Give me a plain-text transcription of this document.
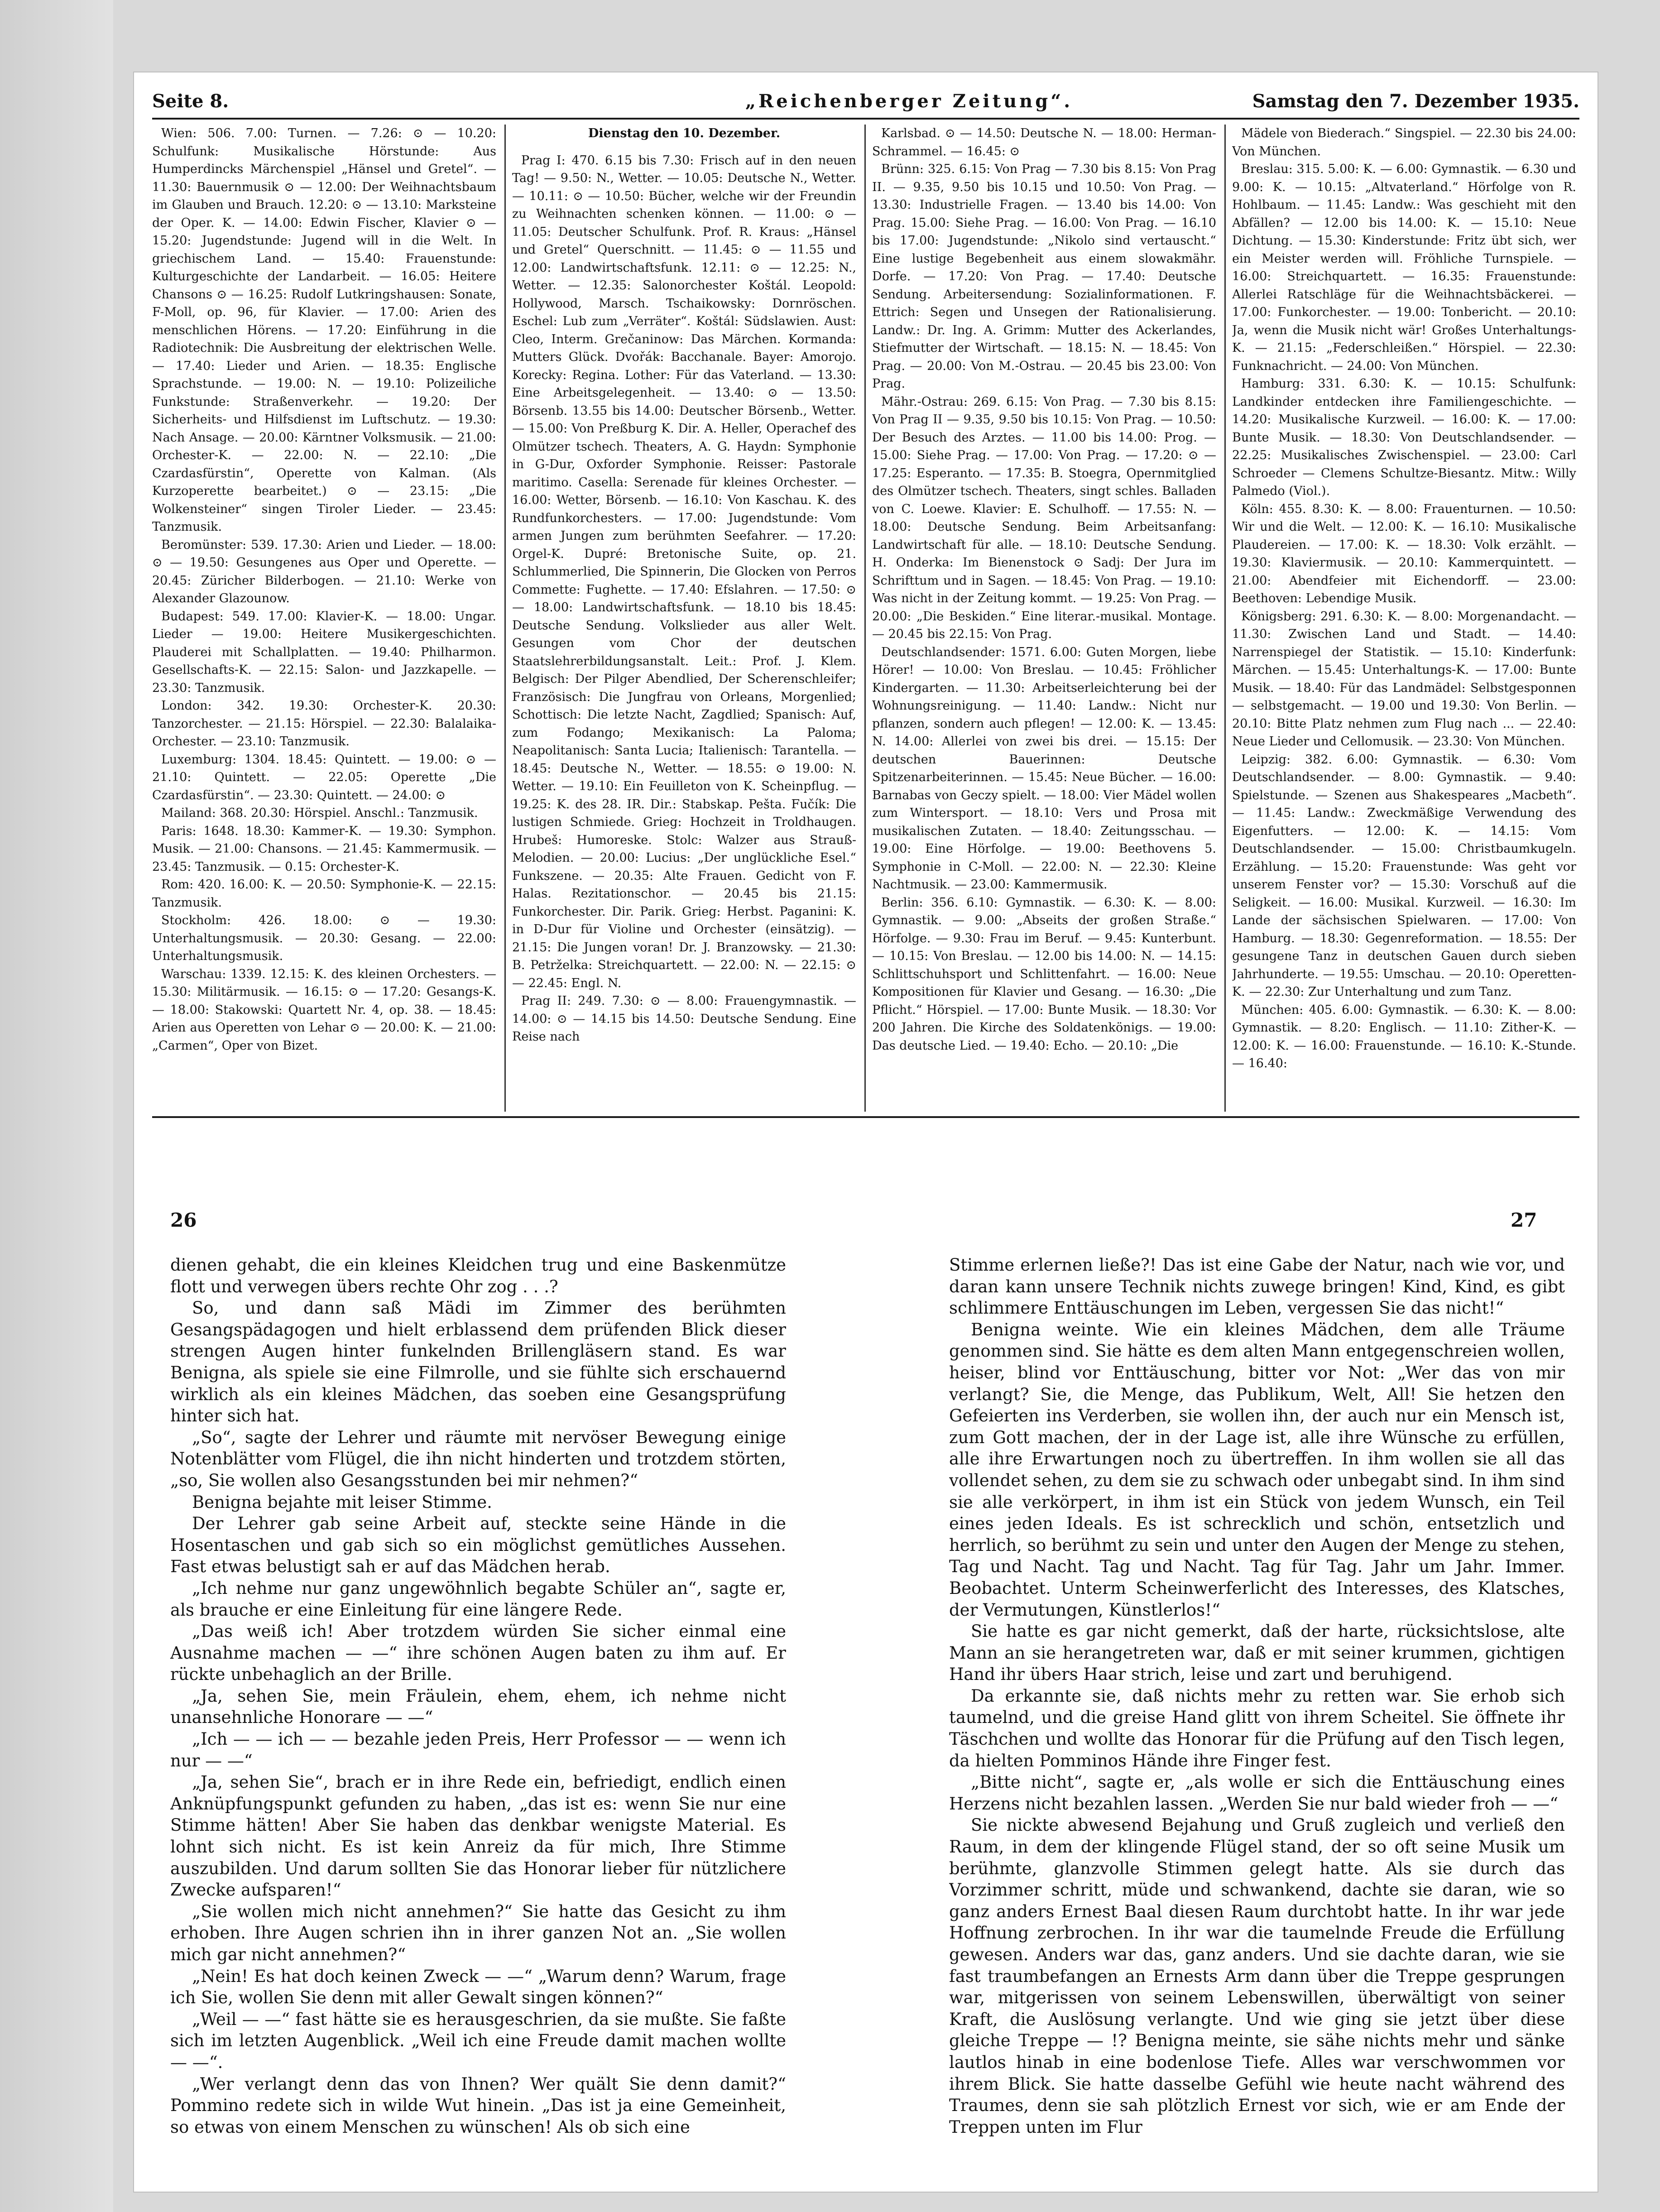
Seite 8.	„Reichenberger Zeitung“.	Samstag den 7. Dezember 1935.

Wien: 506. 7.00: Turnen. — 7.26: ⊙ — 10.20: Schulfunk: Musikalische Hörstunde: Aus Humperdincks Märchenspiel „Hänsel und Gretel“. — 11.30: Bauernmusik ⊙ — 12.00: Der Weihnachtsbaum im Glauben und Brauch. 12.20: ⊙ — 13.10: Marksteine der Oper. K. — 14.00: Edwin Fischer, Klavier ⊙ — 15.20: Jugendstunde: Jugend will in die Welt. In griechischem Land. — 15.40: Frauenstunde: Kulturgeschichte der Landarbeit. — 16.05: Heitere Chansons ⊙ — 16.25: Rudolf Lutkringshausen: Sonate, F-Moll, op. 96, für Klavier. — 17.00: Arien des menschlichen Hörens. — 17.20: Einführung in die Radiotechnik: Die Ausbreitung der elektrischen Welle. — 17.40: Lieder und Arien. — 18.35: Englische Sprachstunde. — 19.00: N. — 19.10: Polizeiliche Funkstunde: Straßenverkehr. — 19.20: Der Sicherheits- und Hilfsdienst im Luftschutz. — 19.30: Nach Ansage. — 20.00: Kärntner Volksmusik. — 21.00: Orchester-K. — 22.00: N. — 22.10: „Die Czardasfürstin“, Operette von Kalman. (Als Kurzoperette bearbeitet.) ⊙ — 23.15: „Die Wolkensteiner“ singen Tiroler Lieder. — 23.45: Tanzmusik.

Beromünster: 539. 17.30: Arien und Lieder. — 18.00: ⊙ — 19.50: Gesungenes aus Oper und Operette. — 20.45: Züricher Bilderbogen. — 21.10: Werke von Alexander Glazounow.

Budapest: 549. 17.00: Klavier-K. — 18.00: Ungar. Lieder — 19.00: Heitere Musikergeschichten. Plauderei mit Schallplatten. — 19.40: Philharmon. Gesellschafts-K. — 22.15: Salon- und Jazzkapelle. — 23.30: Tanzmusik.

London: 342. 19.30: Orchester-K. 20.30: Tanzorchester. — 21.15: Hörspiel. — 22.30: Balalaika-Orchester. — 23.10: Tanzmusik.

Luxemburg: 1304. 18.45: Quintett. — 19.00: ⊙ — 21.10: Quintett. — 22.05: Operette „Die Czardasfürstin“. — 23.30: Quintett. — 24.00: ⊙

Mailand: 368. 20.30: Hörspiel. Anschl.: Tanzmusik.

Paris: 1648. 18.30: Kammer-K. — 19.30: Symphon. Musik. — 21.00: Chansons. — 21.45: Kammermusik. — 23.45: Tanzmusik. — 0.15: Orchester-K.

Rom: 420. 16.00: K. — 20.50: Symphonie-K. — 22.15: Tanzmusik.

Stockholm: 426. 18.00: ⊙ — 19.30: Unterhaltungsmusik. — 20.30: Gesang. — 22.00: Unterhaltungsmusik.

Warschau: 1339. 12.15: K. des kleinen Orchesters. — 15.30: Militärmusik. — 16.15: ⊙ — 17.20: Gesangs-K. — 18.00: Stakowski: Quartett Nr. 4, op. 38. — 18.45: Arien aus Operetten von Lehar ⊙ — 20.00: K. — 21.00: „Carmen“, Oper von Bizet.

Dienstag den 10. Dezember.

Prag I: 470. 6.15 bis 7.30: Frisch auf in den neuen Tag! — 9.50: N., Wetter. — 10.05: Deutsche N., Wetter. — 10.11: ⊙ — 10.50: Bücher, welche wir der Freundin zu Weihnachten schenken können. — 11.00: ⊙ — 11.05: Deutscher Schulfunk. Prof. R. Kraus: „Hänsel und Gretel“ Querschnitt. — 11.45: ⊙ — 11.55 und 12.00: Landwirtschaftsfunk. 12.11: ⊙ — 12.25: N., Wetter. — 12.35: Salonorchester Koštál. Leopold: Hollywood, Marsch. Tschaikowsky: Dornröschen. Eschel: Lub zum „Verräter“. Koštál: Südslawien. Aust: Cleo, Interm. Grečaninow: Das Märchen. Kormanda: Mutters Glück. Dvořák: Bacchanale. Bayer: Amorojo. Korecky: Regina. Lother: Für das Vaterland. — 13.30: Eine Arbeitsgelegenheit. — 13.40: ⊙ — 13.50: Börsenb. 13.55 bis 14.00: Deutscher Börsenb., Wetter. — 15.00: Von Preßburg K. Dir. A. Heller, Operachef des Olmützer tschech. Theaters, A. G. Haydn: Symphonie in G-Dur, Oxforder Symphonie. Reisser: Pastorale maritimo. Casella: Serenade für kleines Orchester. — 16.00: Wetter, Börsenb. — 16.10: Von Kaschau. K. des Rundfunkorchesters. — 17.00: Jugendstunde: Vom armen Jungen zum berühmten Seefahrer. — 17.20: Orgel-K. Dupré: Bretonische Suite, op. 21. Schlummerlied, Die Spinnerin, Die Glocken von Perros Commette: Fughette. — 17.40: Efslahren. — 17.50: ⊙ — 18.00: Landwirtschaftsfunk. — 18.10 bis 18.45: Deutsche Sendung. Volkslieder aus aller Welt. Gesungen vom Chor der deutschen Staatslehrerbildungsanstalt. Leit.: Prof. J. Klem. Belgisch: Der Pilger Abendlied, Der Scherenschleifer; Französisch: Die Jungfrau von Orleans, Morgenlied; Schottisch: Die letzte Nacht, Zagdlied; Spanisch: Auf, zum Fodango; Mexikanisch: La Paloma; Neapolitanisch: Santa Lucia; Italienisch: Tarantella. — 18.45: Deutsche N., Wetter. — 18.55: ⊙ 19.00: N. Wetter. — 19.10: Ein Feuilleton von K. Scheinpflug. — 19.25: K. des 28. IR. Dir.: Stabskap. Pešta. Fučík: Die lustigen Schmiede. Grieg: Hochzeit in Troldhaugen. Hrubeš: Humoreske. Stolc: Walzer aus Strauß-Melodien. — 20.00: Lucius: „Der unglückliche Esel.“ Funkszene. — 20.35: Alte Frauen. Gedicht von F. Halas. Rezitationschor. — 20.45 bis 21.15: Funkorchester. Dir. Parik. Grieg: Herbst. Paganini: K. in D-Dur für Violine und Orchester (einsätzig). — 21.15: Die Jungen voran! Dr. J. Branzowsky. — 21.30: B. Petrželka: Streichquartett. — 22.00: N. — 22.15: ⊙ — 22.45: Engl. N.

Prag II: 249. 7.30: ⊙ — 8.00: Frauengymnastik. — 14.00: ⊙ — 14.15 bis 14.50: Deutsche Sendung. Eine Reise nach

Karlsbad. ⊙ — 14.50: Deutsche N. — 18.00: Herman-Schrammel. — 16.45: ⊙

Brünn: 325. 6.15: Von Prag — 7.30 bis 8.15: Von Prag II. — 9.35, 9.50 bis 10.15 und 10.50: Von Prag. — 13.30: Industrielle Fragen. — 13.40 bis 14.00: Von Prag. 15.00: Siehe Prag. — 16.00: Von Prag. — 16.10 bis 17.00: Jugendstunde: „Nikolo sind vertauscht.“ Eine lustige Begebenheit aus einem slowakmähr. Dorfe. — 17.20: Von Prag. — 17.40: Deutsche Sendung. Arbeitersendung: Sozialinformationen. F. Ettrich: Segen und Unsegen der Rationalisierung. Landw.: Dr. Ing. A. Grimm: Mutter des Ackerlandes, Stiefmutter der Wirtschaft. — 18.15: N. — 18.45: Von Prag. — 20.00: Von M.-Ostrau. — 20.45 bis 23.00: Von Prag.

Mähr.-Ostrau: 269. 6.15: Von Prag. — 7.30 bis 8.15: Von Prag II — 9.35, 9.50 bis 10.15: Von Prag. — 10.50: Der Besuch des Arztes. — 11.00 bis 14.00: Prog. — 15.00: Siehe Prag. — 17.00: Von Prag. — 17.20: ⊙ — 17.25: Esperanto. — 17.35: B. Stoegra, Opernmitglied des Olmützer tschech. Theaters, singt schles. Balladen von C. Loewe. Klavier: E. Schulhoff. — 17.55: N. — 18.00: Deutsche Sendung. Beim Arbeitsanfang: Landwirtschaft für alle. — 18.10: Deutsche Sendung. H. Onderka: Im Bienenstock ⊙ Sadj: Der Jura im Schrifttum und in Sagen. — 18.45: Von Prag. — 19.10: Was nicht in der Zeitung kommt. — 19.25: Von Prag. — 20.00: „Die Beskiden.“ Eine literar.-musikal. Montage. — 20.45 bis 22.15: Von Prag.

Deutschlandsender: 1571. 6.00: Guten Morgen, liebe Hörer! — 10.00: Von Breslau. — 10.45: Fröhlicher Kindergarten. — 11.30: Arbeitserleichterung bei der Wohnungsreinigung. — 11.40: Landw.: Nicht nur pflanzen, sondern auch pflegen! — 12.00: K. — 13.45: N. 14.00: Allerlei von zwei bis drei. — 15.15: Der deutschen Bauerinnen: Deutsche Spitzenarbeiterinnen. — 15.45: Neue Bücher. — 16.00: Barnabas von Geczy spielt. — 18.00: Vier Mädel wollen zum Wintersport. — 18.10: Vers und Prosa mit musikalischen Zutaten. — 18.40: Zeitungsschau. — 19.00: Eine Hörfolge. — 19.00: Beethovens 5. Symphonie in C-Moll. — 22.00: N. — 22.30: Kleine Nachtmusik. — 23.00: Kammermusik.

Berlin: 356. 6.10: Gymnastik. — 6.30: K. — 8.00: Gymnastik. — 9.00: „Abseits der großen Straße.“ Hörfolge. — 9.30: Frau im Beruf. — 9.45: Kunterbunt. — 10.15: Von Breslau. — 12.00 bis 14.00: N. — 14.15: Schlittschuhsport und Schlittenfahrt. — 16.00: Neue Kompositionen für Klavier und Gesang. — 16.30: „Die Pflicht.“ Hörspiel. — 17.00: Bunte Musik. — 18.30: Vor 200 Jahren. Die Kirche des Soldatenkönigs. — 19.00: Das deutsche Lied. — 19.40: Echo. — 20.10: „Die

Mädele von Biederach.“ Singspiel. — 22.30 bis 24.00: Von München.

Breslau: 315. 5.00: K. — 6.00: Gymnastik. — 6.30 und 9.00: K. — 10.15: „Altvaterland.“ Hörfolge von R. Hohlbaum. — 11.45: Landw.: Was geschieht mit den Abfällen? — 12.00 bis 14.00: K. — 15.10: Neue Dichtung. — 15.30: Kinderstunde: Fritz übt sich, wer ein Meister werden will. Fröhliche Turnspiele. — 16.00: Streichquartett. — 16.35: Frauenstunde: Allerlei Ratschläge für die Weihnachtsbäckerei. — 17.00: Funkorchester. — 19.00: Tonbericht. — 20.10: Ja, wenn die Musik nicht wär! Großes Unterhaltungs-K. — 21.15: „Federschleißen.“ Hörspiel. — 22.30: Funknachricht. — 24.00: Von München.

Hamburg: 331. 6.30: K. — 10.15: Schulfunk: Landkinder entdecken ihre Familiengeschichte. — 14.20: Musikalische Kurzweil. — 16.00: K. — 17.00: Bunte Musik. — 18.30: Von Deutschlandsender. — 22.25: Musikalisches Zwischenspiel. — 23.00: Carl Schroeder — Clemens Schultze-Biesantz. Mitw.: Willy Palmedo (Viol.).

Köln: 455. 8.30: K. — 8.00: Frauenturnen. — 10.50: Wir und die Welt. — 12.00: K. — 16.10: Musikalische Plaudereien. — 17.00: K. — 18.30: Volk erzählt. — 19.30: Klaviermusik. — 20.10: Kammerquintett. — 21.00: Abendfeier mit Eichendorff. — 23.00: Beethoven: Lebendige Musik.

Königsberg: 291. 6.30: K. — 8.00: Morgenandacht. — 11.30: Zwischen Land und Stadt. — 14.40: Narrenspiegel der Statistik. — 15.10: Kinderfunk: Märchen. — 15.45: Unterhaltungs-K. — 17.00: Bunte Musik. — 18.40: Für das Landmädel: Selbstgesponnen — selbstgemacht. — 19.00 und 19.30: Von Berlin. — 20.10: Bitte Platz nehmen zum Flug nach ... — 22.40: Neue Lieder und Cellomusik. — 23.30: Von München.

Leipzig: 382. 6.00: Gymnastik. — 6.30: Vom Deutschlandsender. — 8.00: Gymnastik. — 9.40: Spielstunde. — Szenen aus Shakespeares „Macbeth“. — 11.45: Landw.: Zweckmäßige Verwendung des Eigenfutters. — 12.00: K. — 14.15: Vom Deutschlandsender. — 15.00: Christbaumkugeln. Erzählung. — 15.20: Frauenstunde: Was geht vor unserem Fenster vor? — 15.30: Vorschuß auf die Seligkeit. — 16.00: Musikal. Kurzweil. — 16.30: Im Lande der sächsischen Spielwaren. — 17.00: Von Hamburg. — 18.30: Gegenreformation. — 18.55: Der gesungene Tanz in deutschen Gauen durch sieben Jahrhunderte. — 19.55: Umschau. — 20.10: Operetten-K. — 22.30: Zur Unterhaltung und zum Tanz.

München: 405. 6.00: Gymnastik. — 6.30: K. — 8.00: Gymnastik. — 8.20: Englisch. — 11.10: Zither-K. — 12.00: K. — 16.00: Frauenstunde. — 16.10: K.-Stunde. — 16.40:

26	27

dienen gehabt, die ein kleines Kleidchen trug und eine Baskenmütze flott und verwegen übers rechte Ohr zog . . .?

So, und dann saß Mädi im Zimmer des berühmten Gesangspädagogen und hielt erblassend dem prüfenden Blick dieser strengen Augen hinter funkelnden Brillengläsern stand. Es war Benigna, als spiele sie eine Filmrolle, und sie fühlte sich erschauernd wirklich als ein kleines Mädchen, das soeben eine Gesangsprüfung hinter sich hat.

„So“, sagte der Lehrer und räumte mit nervöser Bewegung einige Notenblätter vom Flügel, die ihn nicht hinderten und trotzdem störten, „so, Sie wollen also Gesangsstunden bei mir nehmen?“

Benigna bejahte mit leiser Stimme.

Der Lehrer gab seine Arbeit auf, steckte seine Hände in die Hosentaschen und gab sich so ein möglichst gemütliches Aussehen. Fast etwas belustigt sah er auf das Mädchen herab.

„Ich nehme nur ganz ungewöhnlich begabte Schüler an“, sagte er, als brauche er eine Einleitung für eine längere Rede.

„Das weiß ich! Aber trotzdem würden Sie sicher einmal eine Ausnahme machen — —“ ihre schönen Augen baten zu ihm auf. Er rückte unbehaglich an der Brille.

„Ja, sehen Sie, mein Fräulein, ehem, ehem, ich nehme nicht unansehnliche Honorare — —“

„Ich — — ich — — bezahle jeden Preis, Herr Professor — — wenn ich nur — —“

„Ja, sehen Sie“, brach er in ihre Rede ein, befriedigt, endlich einen Anknüpfungspunkt gefunden zu haben, „das ist es: wenn Sie nur eine Stimme hätten! Aber Sie haben das denkbar wenigste Material. Es lohnt sich nicht. Es ist kein Anreiz da für mich, Ihre Stimme auszubilden. Und darum sollten Sie das Honorar lieber für nützlichere Zwecke aufsparen!“

„Sie wollen mich nicht annehmen?“ Sie hatte das Gesicht zu ihm erhoben. Ihre Augen schrien ihn in ihrer ganzen Not an. „Sie wollen mich gar nicht annehmen?“

„Nein! Es hat doch keinen Zweck — —“ „Warum denn? Warum, frage ich Sie, wollen Sie denn mit aller Gewalt singen können?“

„Weil — —“ fast hätte sie es herausgeschrien, da sie mußte. Sie faßte sich im letzten Augenblick. „Weil ich eine Freude damit machen wollte — —“.

„Wer verlangt denn das von Ihnen? Wer quält Sie denn damit?“ Pommino redete sich in wilde Wut hinein. „Das ist ja eine Gemeinheit, so etwas von einem Menschen zu wünschen! Als ob sich eine

Stimme erlernen ließe?! Das ist eine Gabe der Natur, nach wie vor, und daran kann unsere Technik nichts zuwege bringen! Kind, Kind, es gibt schlimmere Enttäuschungen im Leben, vergessen Sie das nicht!“

Benigna weinte. Wie ein kleines Mädchen, dem alle Träume genommen sind. Sie hätte es dem alten Mann entgegenschreien wollen, heiser, blind vor Enttäuschung, bitter vor Not: „Wer das von mir verlangt? Sie, die Menge, das Publikum, Welt, All! Sie hetzen den Gefeierten ins Verderben, sie wollen ihn, der auch nur ein Mensch ist, zum Gott machen, der in der Lage ist, alle ihre Wünsche zu erfüllen, alle ihre Erwartungen noch zu übertreffen. In ihm wollen sie all das vollendet sehen, zu dem sie zu schwach oder unbegabt sind. In ihm sind sie alle verkörpert, in ihm ist ein Stück von jedem Wunsch, ein Teil eines jeden Ideals. Es ist schrecklich und schön, entsetzlich und herrlich, so berühmt zu sein und unter den Augen der Menge zu stehen, Tag und Nacht. Tag und Nacht. Tag für Tag. Jahr um Jahr. Immer. Beobachtet. Unterm Scheinwerferlicht des Interesses, des Klatsches, der Vermutungen, Künstlerlos!“

Sie hatte es gar nicht gemerkt, daß der harte, rücksichtslose, alte Mann an sie herangetreten war, daß er mit seiner krummen, gichtigen Hand ihr übers Haar strich, leise und zart und beruhigend.

Da erkannte sie, daß nichts mehr zu retten war. Sie erhob sich taumelnd, und die greise Hand glitt von ihrem Scheitel. Sie öffnete ihr Täschchen und wollte das Honorar für die Prüfung auf den Tisch legen, da hielten Pomminos Hände ihre Finger fest.

„Bitte nicht“, sagte er, „als wolle er sich die Enttäuschung eines Herzens nicht bezahlen lassen. „Werden Sie nur bald wieder froh — —“

Sie nickte abwesend Bejahung und Gruß zugleich und verließ den Raum, in dem der klingende Flügel stand, der so oft seine Musik um berühmte, glanzvolle Stimmen gelegt hatte. Als sie durch das Vorzimmer schritt, müde und schwankend, dachte sie daran, wie so ganz anders Ernest Baal diesen Raum durchtobt hatte. In ihr war jede Hoffnung zerbrochen. In ihr war die taumelnde Freude die Erfüllung gewesen. Anders war das, ganz anders. Und sie dachte daran, wie sie fast traumbefangen an Ernests Arm dann über die Treppe gesprungen war, mitgerissen von seinem Lebenswillen, überwältigt von seiner Kraft, die Auslösung verlangte. Und wie ging sie jetzt über diese gleiche Treppe — !? Benigna meinte, sie sähe nichts mehr und sänke lautlos hinab in eine bodenlose Tiefe. Alles war verschwommen vor ihrem Blick. Sie hatte dasselbe Gefühl wie heute nacht während des Traumes, denn sie sah plötzlich Ernest vor sich, wie er am Ende der Treppen unten im Flur
